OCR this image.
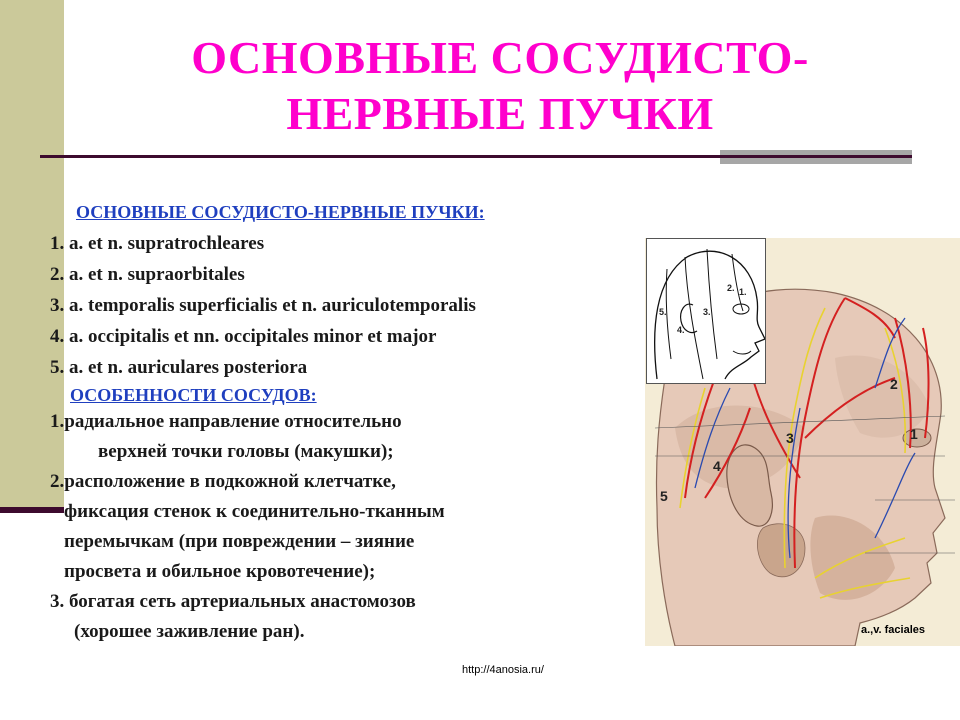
ОСНОВНЫЕ СОСУДИСТО-
НЕРВНЫЕ ПУЧКИ
ОСНОВНЫЕ СОСУДИСТО-НЕРВНЫЕ ПУЧКИ:
1. a. et n. supratrochleares
2. a. et n. supraorbitales
3. a. temporalis superficialis et n. auriculotemporalis
4. a. occipitalis et nn. occipitales minor et major
5. a. et n. auriculares posteriora
ОСОБЕННОСТИ СОСУДОВ:
1.радиальное направление относительно
верхней точки головы (макушки);
2.расположение в подкожной клетчатке,
фиксация стенок к соединительно-тканным
перемычкам (при повреждении – зияние
просвета и обильное кровотечение);
3. богатая сеть артериальных анастомозов
(хорошее заживление ран).
2. 1.
3.
5.
4.
2
1
3
4
5
a.,v. faciales
http://4anosia.ru/
